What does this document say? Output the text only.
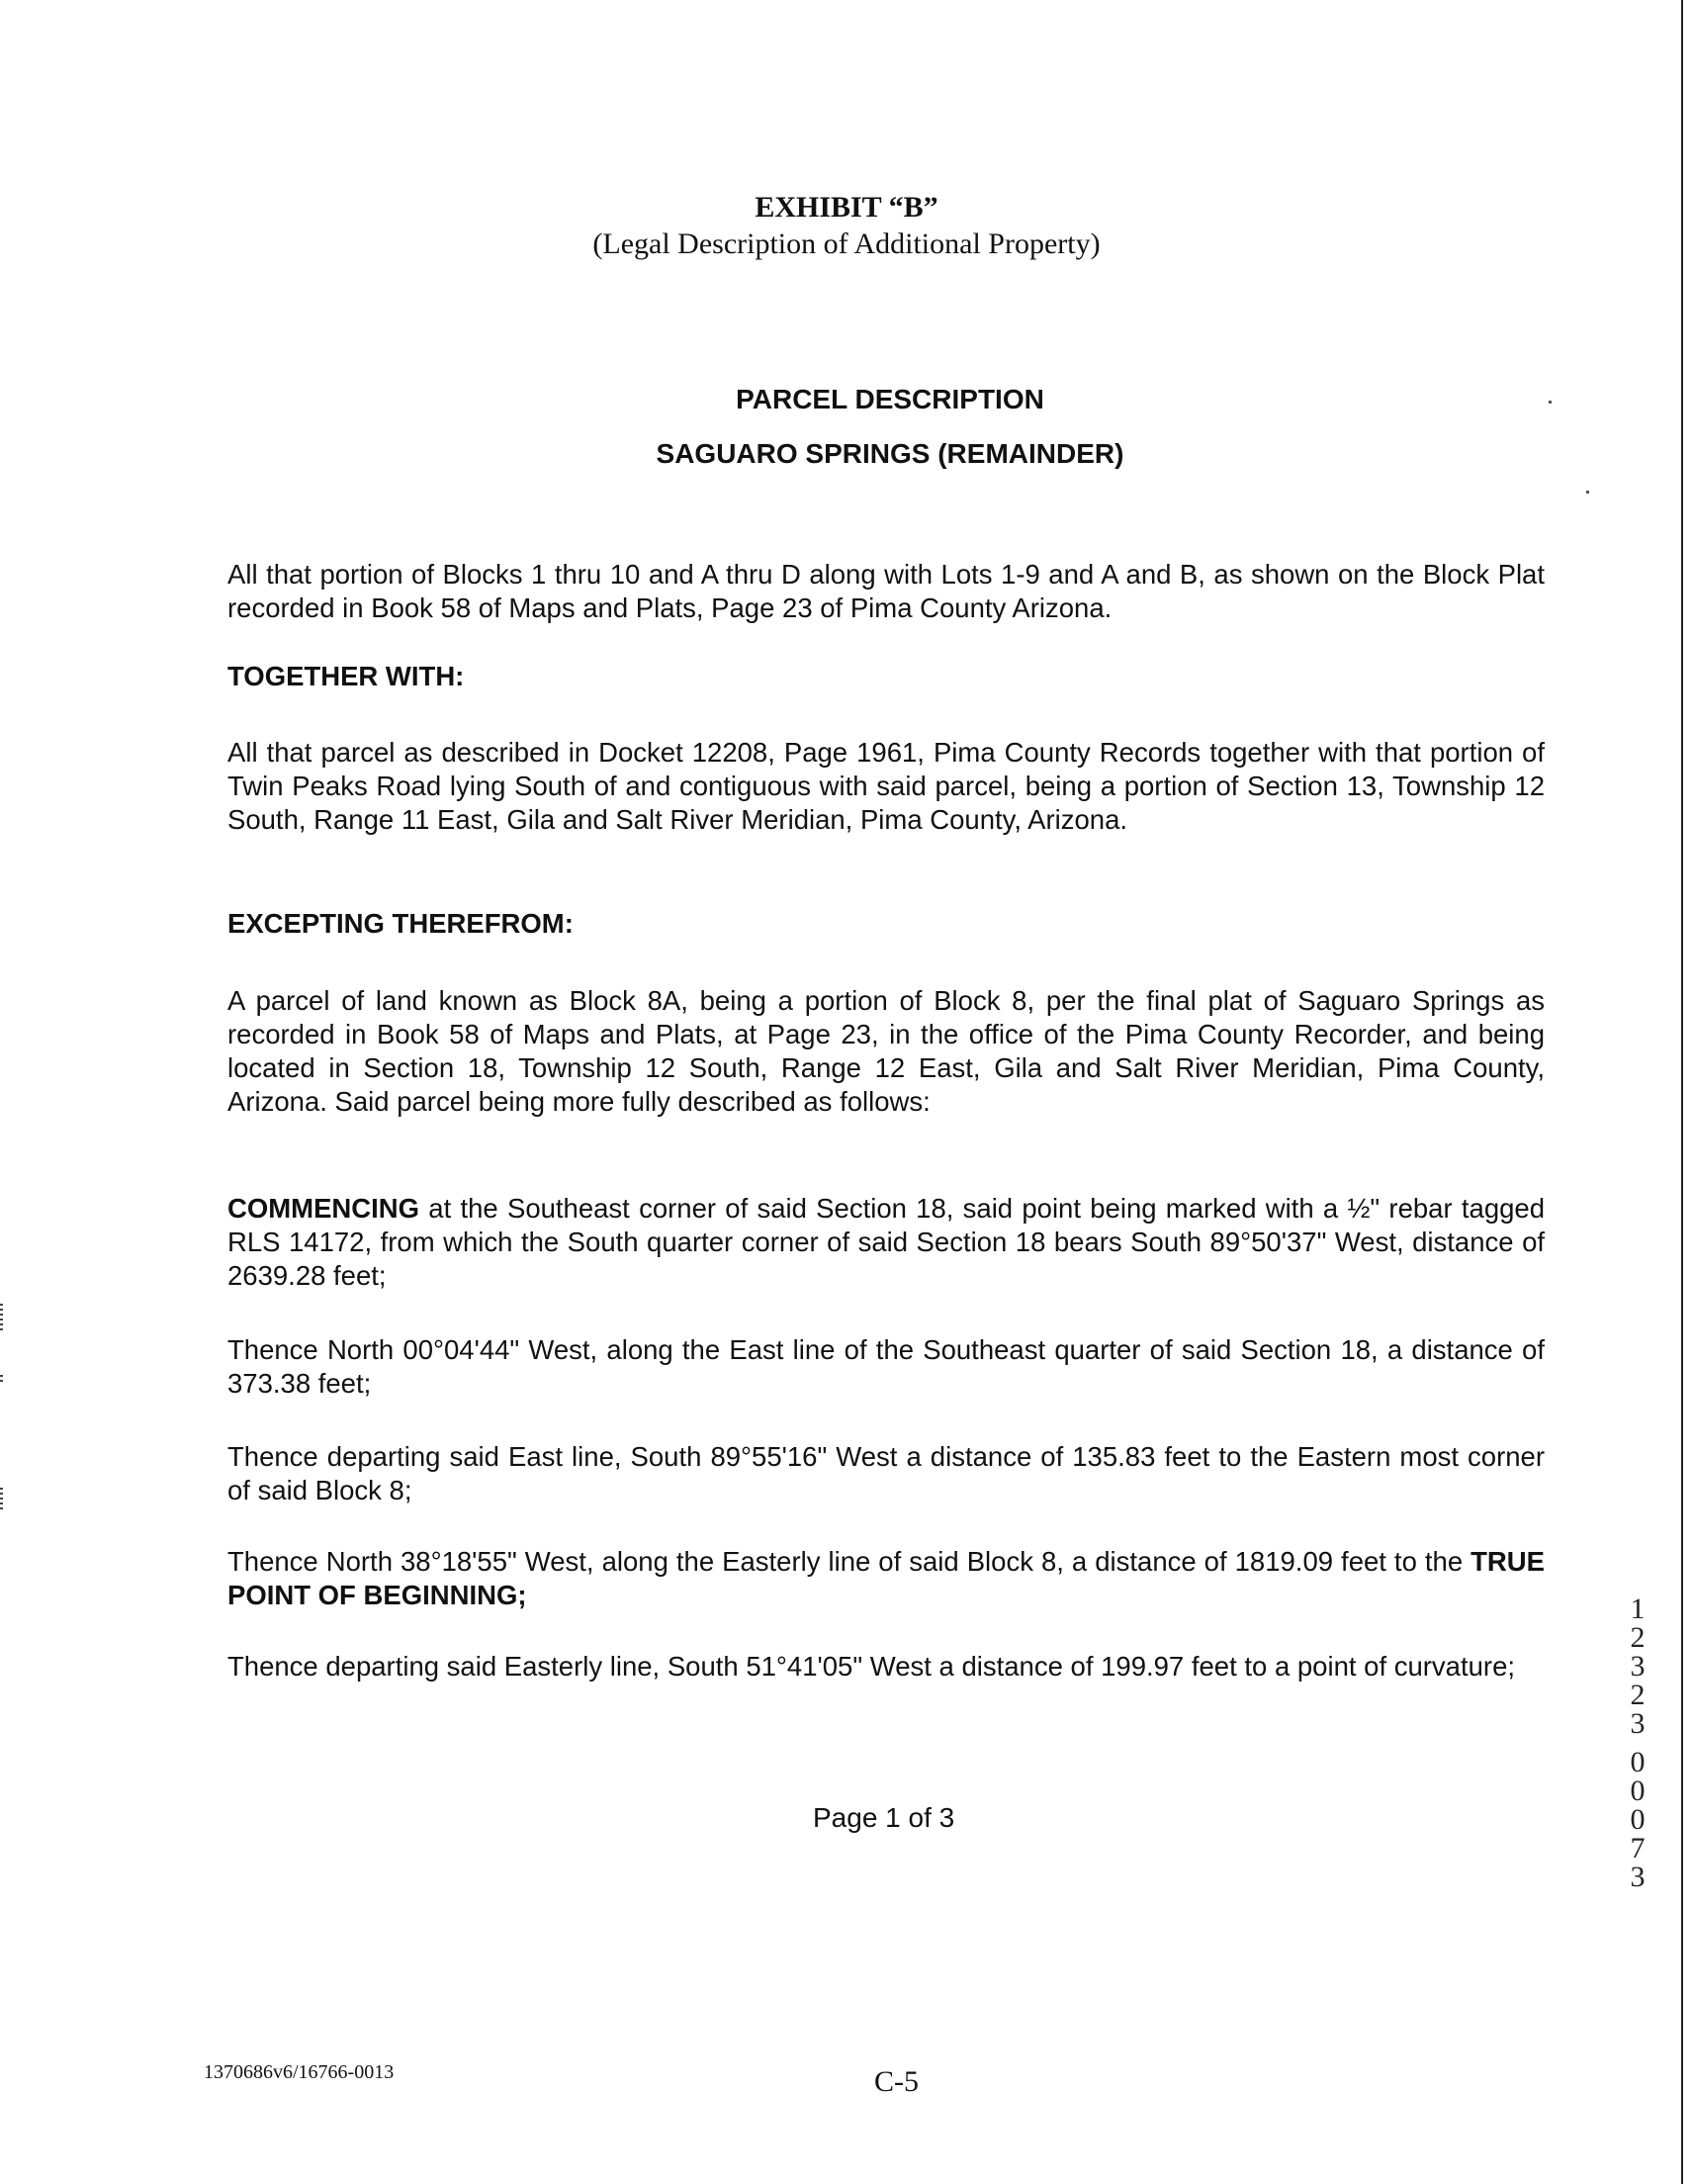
EXHIBIT “B”
(Legal Description of Additional Property)
PARCEL DESCRIPTION
SAGUARO SPRINGS (REMAINDER)
All that portion of Blocks 1 thru 10 and A thru D along with Lots 1-9 and A and B, as shown on the Block Plat recorded in Book 58 of Maps and Plats, Page 23 of Pima County Arizona.
TOGETHER WITH:
All that parcel as described in Docket 12208, Page 1961, Pima County Records together with that portion of Twin Peaks Road lying South of and contiguous with said parcel, being a portion of Section 13, Township 12 South, Range 11 East, Gila and Salt River Meridian, Pima County, Arizona.
EXCEPTING THEREFROM:
A parcel of land known as Block 8A, being a portion of Block 8, per the final plat of Saguaro Springs as recorded in Book 58 of Maps and Plats, at Page 23, in the office of the Pima County Recorder, and being located in Section 18, Township 12 South, Range 12 East, Gila and Salt River Meridian, Pima County, Arizona. Said parcel being more fully described as follows:
COMMENCING at the Southeast corner of said Section 18, said point being marked with a ½" rebar tagged RLS 14172, from which the South quarter corner of said Section 18 bears South 89°50'37" West, distance of 2639.28 feet;
Thence North 00°04'44" West, along the East line of the Southeast quarter of said Section 18, a distance of 373.38 feet;
Thence departing said East line, South 89°55'16" West a distance of 135.83 feet to the Eastern most corner of said Block 8;
Thence North 38°18'55" West, along the Easterly line of said Block 8, a distance of 1819.09 feet to the TRUE POINT OF BEGINNING;
Thence departing said Easterly line, South 51°41'05" West a distance of 199.97 feet to a point of curvature;
Page 1 of 3
1370686v6/16766-0013	C-5
1
2
3
2
3
0
0
0
7
3
